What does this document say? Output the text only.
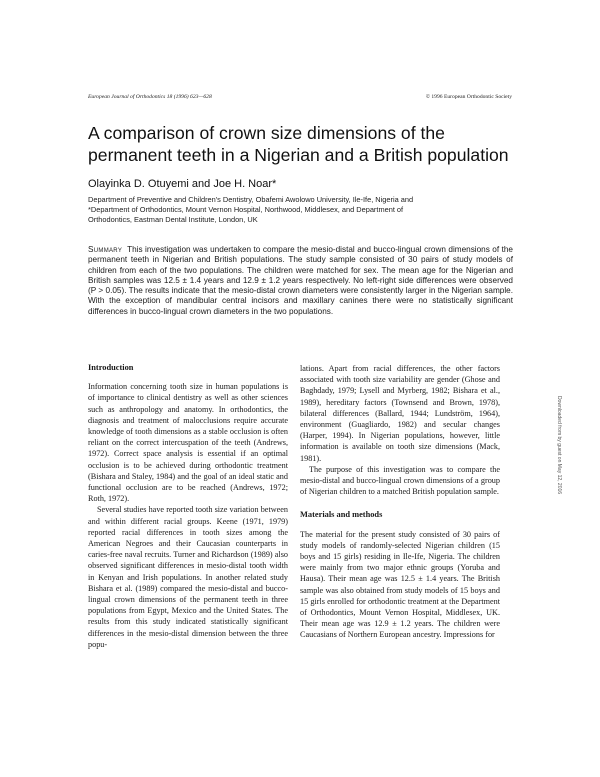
European Journal of Orthodontics 18 (1996) 623—628	© 1996 European Orthodontic Society
A comparison of crown size dimensions of the permanent teeth in a Nigerian and a British population
Olayinka D. Otuyemi and Joe H. Noar*
Department of Preventive and Children's Dentistry, Obafemi Awolowo University, Ile-Ife, Nigeria and
*Department of Orthodontics, Mount Vernon Hospital, Northwood, Middlesex, and Department of
Orthodontics, Eastman Dental Institute, London, UK

Summary This investigation was undertaken to compare the mesio-distal and bucco-lingual crown dimensions of the permanent teeth in Nigerian and British populations. The study sample consisted of 30 pairs of study models of children from each of the two populations. The children were matched for sex. The mean age for the Nigerian and British samples was 12.5 ± 1.4 years and 12.9 ± 1.2 years respectively. No left-right side differences were observed (P > 0.05). The results indicate that the mesio-distal crown diameters were consistently larger in the Nigerian sample. With the exception of mandibular central incisors and maxillary canines there were no statistically significant differences in bucco-lingual crown diameters in the two populations.

Introduction

Information concerning tooth size in human populations is of importance to clinical dentistry as well as other sciences such as anthropology and anatomy. In orthodontics, the diagnosis and treatment of malocclusions require accurate knowledge of tooth dimensions as a stable occlusion is often reliant on the correct intercuspation of the teeth (Andrews, 1972). Correct space analysis is essential if an optimal occlusion is to be achieved during orthodontic treatment (Bishara and Staley, 1984) and the goal of an ideal static and functional occlusion are to be reached (Andrews, 1972; Roth, 1972).

Several studies have reported tooth size variation between and within different racial groups. Keene (1971, 1979) reported racial differences in tooth sizes among the American Negroes and their Caucasian counterparts in caries-free naval recruits. Turner and Richardson (1989) also observed significant differences in mesio-distal tooth width in Kenyan and Irish populations. In another related study Bishara et al. (1989) compared the mesio-distal and bucco-lingual crown dimensions of the permanent teeth in three populations from Egypt, Mexico and the United States. The results from this study indicated statistically significant differences in the mesio-distal dimension between the three popu-

lations. Apart from racial differences, the other factors associated with tooth size variability are gender (Ghose and Baghdady, 1979; Lysell and Myrberg, 1982; Bishara et al., 1989), hereditary factors (Townsend and Brown, 1978), bilateral differences (Ballard, 1944; Lundström, 1964), environment (Guagliardo, 1982) and secular changes (Harper, 1994). In Nigerian populations, however, little information is available on tooth size dimensions (Mack, 1981).

The purpose of this investigation was to compare the mesio-distal and bucco-lingual crown dimensions of a group of Nigerian children to a matched British population sample.

Materials and methods

The material for the present study consisted of 30 pairs of study models of randomly-selected Nigerian children (15 boys and 15 girls) residing in Ile-Ife, Nigeria. The children were mainly from two major ethnic groups (Yoruba and Hausa). Their mean age was 12.5 ± 1.4 years. The British sample was also obtained from study models of 15 boys and 15 girls enrolled for orthodontic treatment at the Department of Orthodontics, Mount Vernon Hospital, Middlesex, UK. Their mean age was 12.9 ± 1.2 years. The children were Caucasians of Northern European ancestry. Impressions for

Downloaded from by guest on May 12, 2016
